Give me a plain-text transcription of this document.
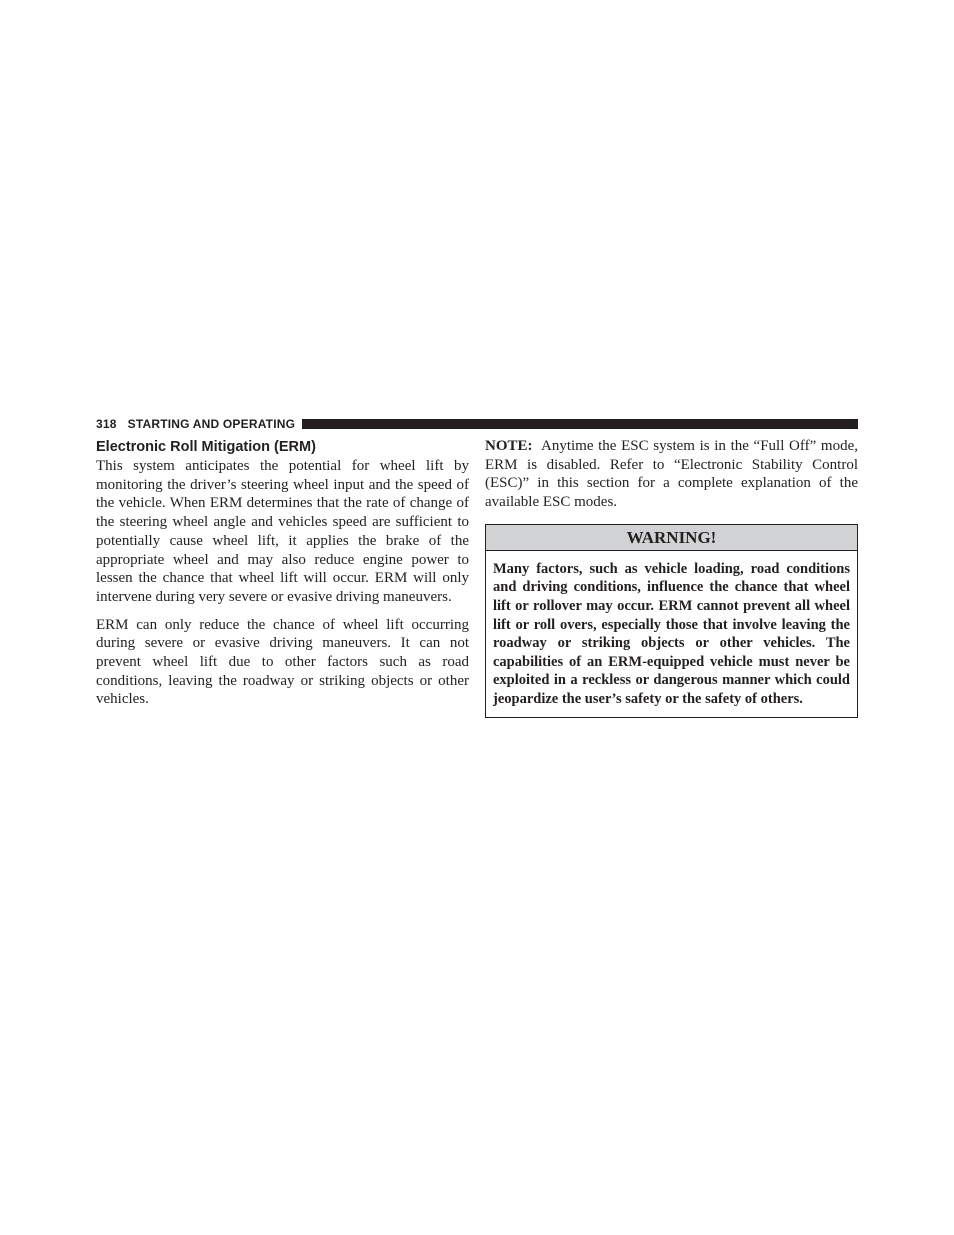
318 STARTING AND OPERATING
Electronic Roll Mitigation (ERM)

This system anticipates the potential for wheel lift by monitoring the driver’s steering wheel input and the speed of the vehicle. When ERM determines that the rate of change of the steering wheel angle and vehicles speed are sufficient to potentially cause wheel lift, it applies the brake of the appropriate wheel and may also reduce engine power to lessen the chance that wheel lift will occur. ERM will only intervene during very severe or evasive driving maneuvers.

ERM can only reduce the chance of wheel lift occurring during severe or evasive driving maneuvers. It can not prevent wheel lift due to other factors such as road conditions, leaving the roadway or striking objects or other vehicles.

NOTE: Anytime the ESC system is in the “Full Off” mode, ERM is disabled. Refer to “Electronic Stability Control (ESC)” in this section for a complete explanation of the available ESC modes.

WARNING!
Many factors, such as vehicle loading, road conditions and driving conditions, influence the chance that wheel lift or rollover may occur. ERM cannot prevent all wheel lift or roll overs, especially those that involve leaving the roadway or striking objects or other vehicles. The capabilities of an ERM-equipped vehicle must never be exploited in a reckless or dangerous manner which could jeopardize the user’s safety or the safety of others.
